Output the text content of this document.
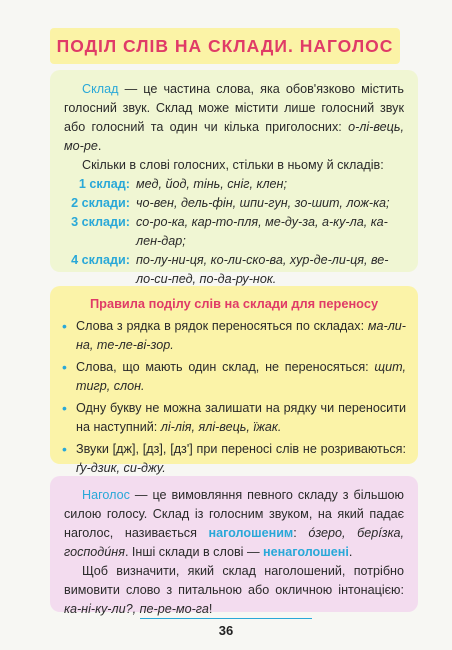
ПОДІЛ СЛІВ НА СКЛАДИ. НАГОЛОС

Склад — це частина слова, яка обов'язково містить голосний звук. Склад може містити лише голосний звук або голосний та один чи кілька приголосних: о-лі-вець, мо-ре.

Скільки в слові голосних, стільки в ньому й складів:

1 склад: мед, йод, тінь, сніг, клен;
2 склади: чо-вен, дель-фін, шпи-гун, зо-шит, лож-ка;
3 склади: со-ро-ка, кар-то-пля, ме-ду-за, а-ку-ла, ка-лен-дар;
4 склади: по-лу-ни-ця, ко-ли-ско-ва, хур-де-ли-ця, ве-ло-си-пед, по-да-ру-нок.
Правила поділу слів на склади для переносу
• Слова з рядка в рядок переносяться по складах: ма-ли-на, те-ле-ві-зор.
• Слова, що мають один склад, не переносяться: щит, тигр, слон.
• Одну букву не можна залишати на рядку чи переносити на наступний: лі-лія, ялі-вець, їжак.
• Звуки [дж], [дз], [дз'] при переносі слів не розриваються: ґу-дзик, си-джу.

Наголос — це вимовляння певного складу з більшою силою голосу. Склад із голосним звуком, на який падає наголос, називається наголошеним: óзеро, берíзка, господúня. Інші склади в слові — ненаголошені.

Щоб визначити, який склад наголошений, потрібно вимовити слово з питальною або окличною інтонацією: ка-ні-ку-ли?, пе-ре-мо-га!

36
